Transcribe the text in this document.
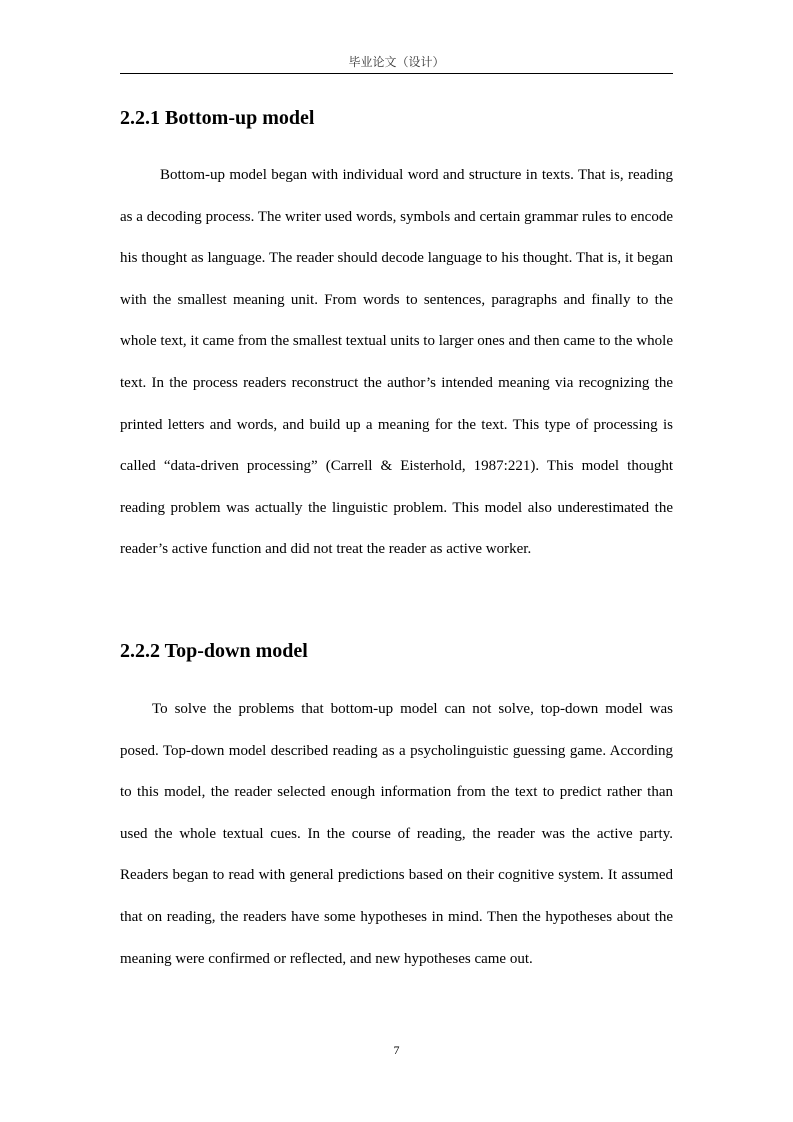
毕业论文（设计）
2.2.1 Bottom-up model

Bottom-up model began with individual word and structure in texts. That is, reading as a decoding process. The writer used words, symbols and certain grammar rules to encode his thought as language. The reader should decode language to his thought. That is, it began with the smallest meaning unit. From words to sentences, paragraphs and finally to the whole text, it came from the smallest textual units to larger ones and then came to the whole text. In the process readers reconstruct the author’s intended meaning via recognizing the printed letters and words, and build up a meaning for the text. This type of processing is called “data-driven processing” (Carrell & Eisterhold, 1987:221). This model thought reading problem was actually the linguistic problem. This model also underestimated the reader’s active function and did not treat the reader as active worker.

2.2.2 Top-down model

To solve the problems that bottom-up model can not solve, top-down model was posed. Top-down model described reading as a psycholinguistic guessing game. According to this model, the reader selected enough information from the text to predict rather than used the whole textual cues. In the course of reading, the reader was the active party. Readers began to read with general predictions based on their cognitive system. It assumed that on reading, the readers have some hypotheses in mind. Then the hypotheses about the meaning were confirmed or reflected, and new hypotheses came out.

7
